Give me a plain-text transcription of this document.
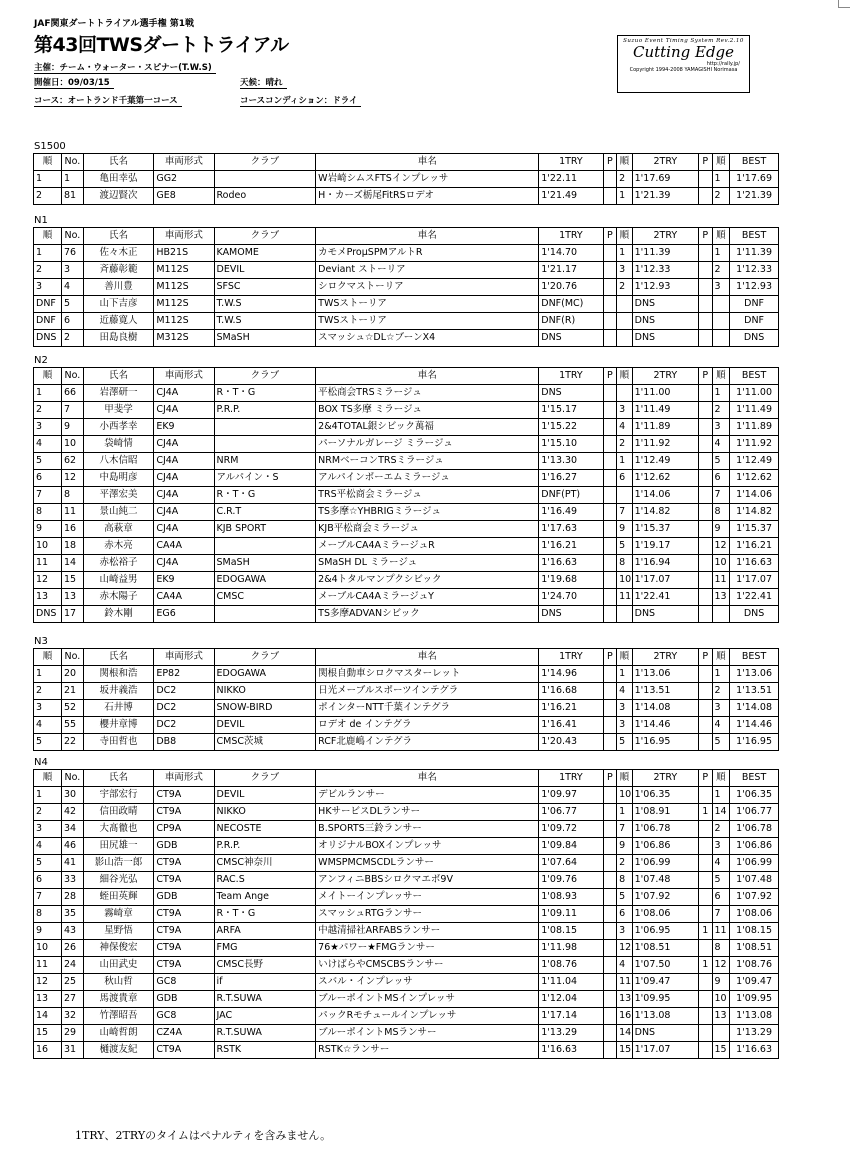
JAF関東ダートトライアル選手権 第1戦
第43回TWSダートトライアル
主催：チーム・ウォーター・スピナー(T.W.S)
開催日：09/03/15	天候：晴れ
コース：オートランド千葉第一コース	コースコンディション：ドライ
Suzuo Event Timing System Rev.2.10
Cutting Edge
http://rally.jp/
Copyright 1994-2008 YAMAGISHI Norimasa
S1500
順	No.	氏名	車両形式	クラブ	車名	1TRY	P	順	2TRY	P	順	BEST
1	1	亀田幸弘	GG2		W岩崎シムスFTSインプレッサ	1'22.11		2	1'17.69		1	1'17.69
2	81	渡辺賢次	GE8	Rodeo	H・カーズ栃尾FitRSロデオ	1'21.49		1	1'21.39		2	1'21.39
N1
順	No.	氏名	車両形式	クラブ	車名	1TRY	P	順	2TRY	P	順	BEST
1	76	佐々木正	HB21S	KAMOME	カモメProμSPMアルトR	1'14.70		1	1'11.39		1	1'11.39
2	3	斉藤彰範	M112S	DEVIL	Deviant ストーリア	1'21.17		3	1'12.33		2	1'12.33
3	4	善川豊	M112S	SFSC	シロクマストーリア	1'20.76		2	1'12.93		3	1'12.93
DNF	5	山下吉彦	M112S	T.W.S	TWSストーリア	DNF(MC)			DNS			DNF
DNF	6	近藤寛人	M112S	T.W.S	TWSストーリア	DNF(R)			DNS			DNF
DNS	2	田島良樹	M312S	SMaSH	スマッシュ☆DL☆ブーンX4	DNS			DNS			DNS
N2
順	No.	氏名	車両形式	クラブ	車名	1TRY	P	順	2TRY	P	順	BEST
1	66	岩澤研一	CJ4A	R・T・G	平松商会TRSミラージュ	DNS			1'11.00		1	1'11.00
2	7	甲斐学	CJ4A	P.R.P.	BOX TS多摩 ミラージュ	1'15.17		3	1'11.49		2	1'11.49
3	9	小西孝幸	EK9		2&4TOTAL銀シビック萬福	1'15.22		4	1'11.89		3	1'11.89
4	10	袋崎情	CJ4A		パーソナルガレージ ミラージュ	1'15.10		2	1'11.92		4	1'11.92
5	62	八木信昭	CJ4A	NRM	NRMベーコンTRSミラージュ	1'13.30		1	1'12.49		5	1'12.49
6	12	中島明彦	CJ4A	アルパイン・S	アルパインボーエムミラージュ	1'16.27		6	1'12.62		6	1'12.62
7	8	平澤宏美	CJ4A	R・T・G	TRS平松商会ミラージュ	DNF(PT)			1'14.06		7	1'14.06
8	11	景山純二	CJ4A	C.R.T	TS多摩☆YHBRIGミラージュ	1'16.49		7	1'14.82		8	1'14.82
9	16	高萩章	CJ4A	KJB SPORT	KJB平松商会ミラージュ	1'17.63		9	1'15.37		9	1'15.37
10	18	赤木亮	CA4A		メーブルCA4AミラージュR	1'16.21		5	1'19.17		12	1'16.21
11	14	赤松裕子	CJ4A	SMaSH	SMaSH DL ミラージュ	1'16.63		8	1'16.94		10	1'16.63
12	15	山崎益男	EK9	EDOGAWA	2&4トタルマンプクシビック	1'19.68		10	1'17.07		11	1'17.07
13	13	赤木陽子	CA4A	CMSC	メーブルCA4AミラージュY	1'24.70		11	1'22.41		13	1'22.41
DNS	17	鈴木剛	EG6		TS多摩ADVANシビック	DNS			DNS			DNS
N3
順	No.	氏名	車両形式	クラブ	車名	1TRY	P	順	2TRY	P	順	BEST
1	20	関根和浩	EP82	EDOGAWA	関根自動車シロクマスターレット	1'14.96		1	1'13.06		1	1'13.06
2	21	坂井義浩	DC2	NIKKO	日光メーブルスポーツインテグラ	1'16.68		4	1'13.51		2	1'13.51
3	52	石井博	DC2	SNOW-BIRD	ポインターNTT千葉インテグラ	1'16.21		3	1'14.08		3	1'14.08
4	55	櫻井章博	DC2	DEVIL	ロデオ de インテグラ	1'16.41		3	1'14.46		4	1'14.46
5	22	寺田哲也	DB8	CMSC茨城	RCF北鹿嶋インテグラ	1'20.43		5	1'16.95		5	1'16.95
N4
順	No.	氏名	車両形式	クラブ	車名	1TRY	P	順	2TRY	P	順	BEST
1	30	宇部宏行	CT9A	DEVIL	デビルランサー	1'09.97		10	1'06.35		1	1'06.35
2	42	信田政晴	CT9A	NIKKO	HKサービスDLランサー	1'06.77		1	1'08.91	1	14	1'06.77
3	34	大髙徹也	CP9A	NECOSTE	B.SPORTS三鈴ランサー	1'09.72		7	1'06.78		2	1'06.78
4	46	田尻雄一	GDB	P.R.P.	オリジナルBOXインプレッサ	1'09.84		9	1'06.86		3	1'06.86
5	41	影山浩一郎	CT9A	CMSC神奈川	WMSPMCMSCDLランサー	1'07.64		2	1'06.99		4	1'06.99
6	33	細谷光弘	CT9A	RAC.S	アンフィニBBSシロクマエボ9V	1'09.76		8	1'07.48		5	1'07.48
7	28	蛭田英輝	GDB	Team Ange	メイトーインプレッサー	1'08.93		5	1'07.92		6	1'07.92
8	35	霧崎章	CT9A	R・T・G	スマッシュRTGランサー	1'09.11		6	1'08.06		7	1'08.06
9	43	星野悟	CT9A	ARFA	中越清掃社ARFABSランサー	1'08.15		3	1'06.95	1	11	1'08.15
10	26	神保俊宏	CT9A	FMG	76★パワー★FMGランサー	1'11.98		12	1'08.51		8	1'08.51
11	24	山田武史	CT9A	CMSC長野	いけばらやCMSCBSランサー	1'08.76		4	1'07.50	1	12	1'08.76
12	25	秋山哲	GC8	if	スバル・インプレッサ	1'11.04		11	1'09.47		9	1'09.47
13	27	馬渡貴章	GDB	R.T.SUWA	ブルーポイントMSインプレッサ	1'12.04		13	1'09.95		10	1'09.95
14	32	竹澤昭吾	GC8	JAC	パックRモチュールインプレッサ	1'17.14		16	1'13.08		13	1'13.08
15	29	山崎哲朗	CZ4A	R.T.SUWA	ブルーポイントMSランサー	1'13.29		14	DNS			1'13.29
16	31	樋渡友紀	CT9A	RSTK	RSTK☆ランサー	1'16.63		15	1'17.07		15	1'16.63
1TRY、2TRYのタイムはペナルティを含みません。
